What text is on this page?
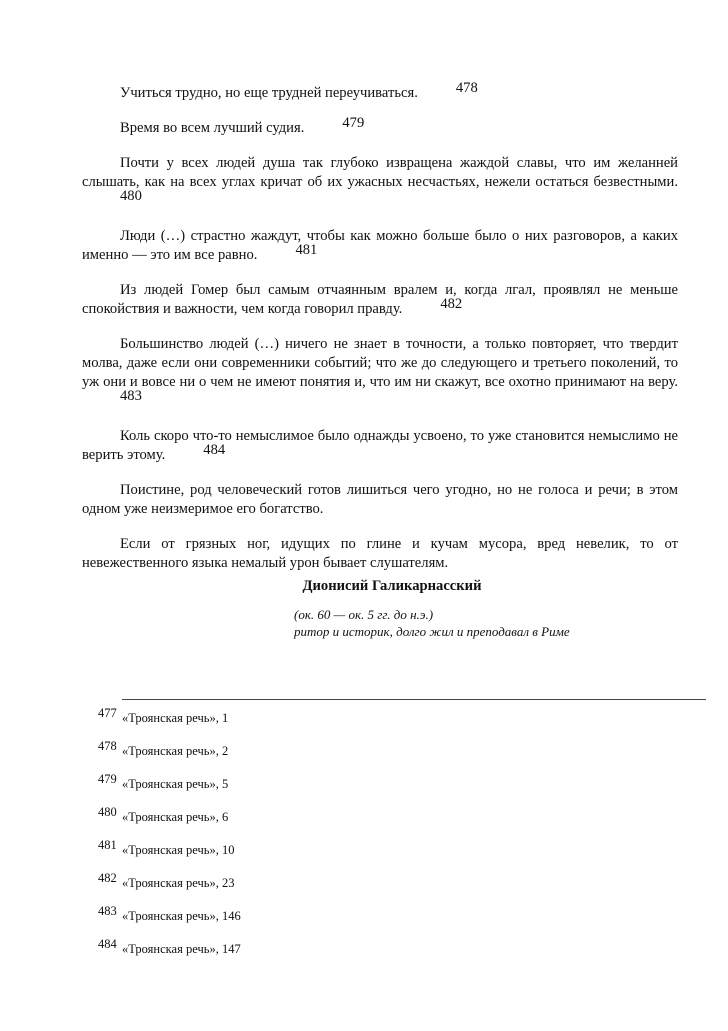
Учиться трудно, но еще трудней переучиваться.	478

Время во всем лучший судия.	479

Почти у всех людей душа так глубоко извращена жаждой славы, что им желанней слышать, как на всех углах кричат об их ужасных несчастьях, нежели остаться безвестными.480

Люди (…) страстно жаждут, чтобы как можно больше было о них разговоров, а каких именно — это им все равно.	481

Из людей Гомер был самым отчаянным вралем и, когда лгал, проявлял не меньше спокойствия и важности, чем когда говорил правду.	482

Большинство людей (…) ничего не знает в точности, а только повторяет, что твердит молва, даже если они современники событий; что же до следующего и третьего поколений, то уж они и вовсе ни о чем не имеют понятия и, что им ни скажут, все охотно принимают на веру.483

Коль скоро что-то немыслимое было однажды усвоено, то уже становится немыслимо не верить этому.	484

Поистине, род человеческий готов лишиться чего угодно, но не голоса и речи; в этом одном уже неизмеримое его богатство.

Если от грязных ног, идущих по глине и кучам мусора, вред невелик, то от невежественного языка немалый урон бывает слушателям.

Дионисий Галикарнасский

(ок. 60 — ок. 5 гг. до н.э.)
ритор и историк, долго жил и преподавал в Риме
477 «Троянская речь», 1
478 «Троянская речь», 2
479 «Троянская речь», 5
480 «Троянская речь», 6
481 «Троянская речь», 10
482 «Троянская речь», 23
483 «Троянская речь», 146
484 «Троянская речь», 147
